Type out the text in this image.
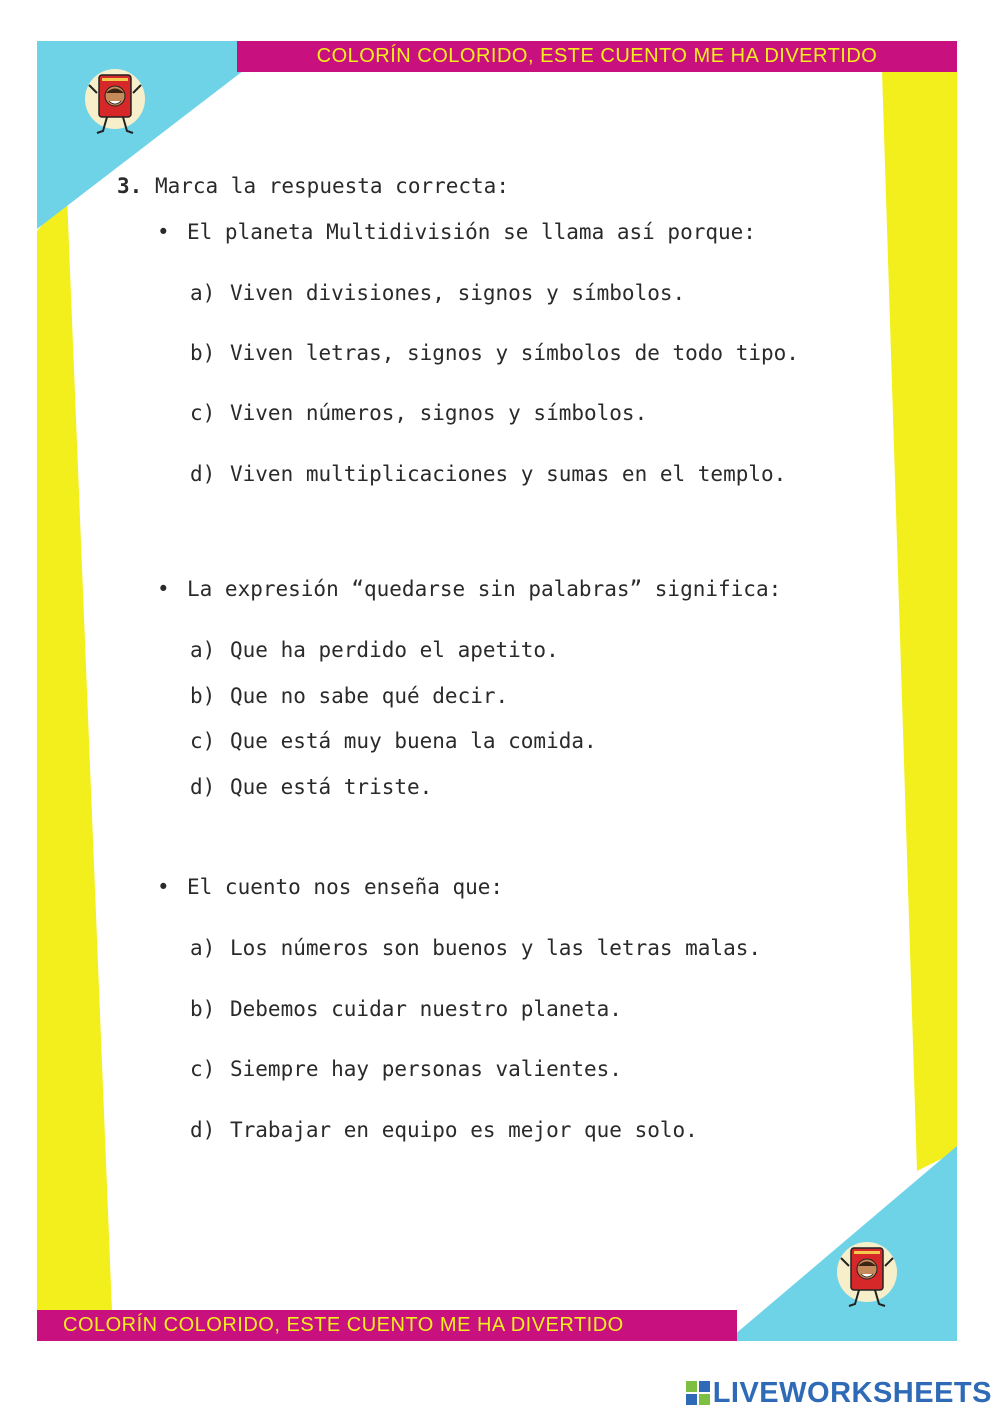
COLORÍN COLORIDO, ESTE CUENTO ME HA DIVERTIDO
COLORÍN COLORIDO, ESTE CUENTO ME HA DIVERTIDO
3. Marca la respuesta correcta:
• El planeta Multidivisión se llama así porque:
a) Viven divisiones, signos y símbolos.
b) Viven letras, signos y símbolos de todo tipo.
c) Viven números, signos y símbolos.
d) Viven multiplicaciones y sumas en el templo.
• La expresión “quedarse sin palabras” significa:
a) Que ha perdido el apetito.
b) Que no sabe qué decir.
c) Que está muy buena la comida.
d) Que está triste.
• El cuento nos enseña que:
a) Los números son buenos y las letras malas.
b) Debemos cuidar nuestro planeta.
c) Siempre hay personas valientes.
d) Trabajar en equipo es mejor que solo.
LIVEWORKSHEETS
